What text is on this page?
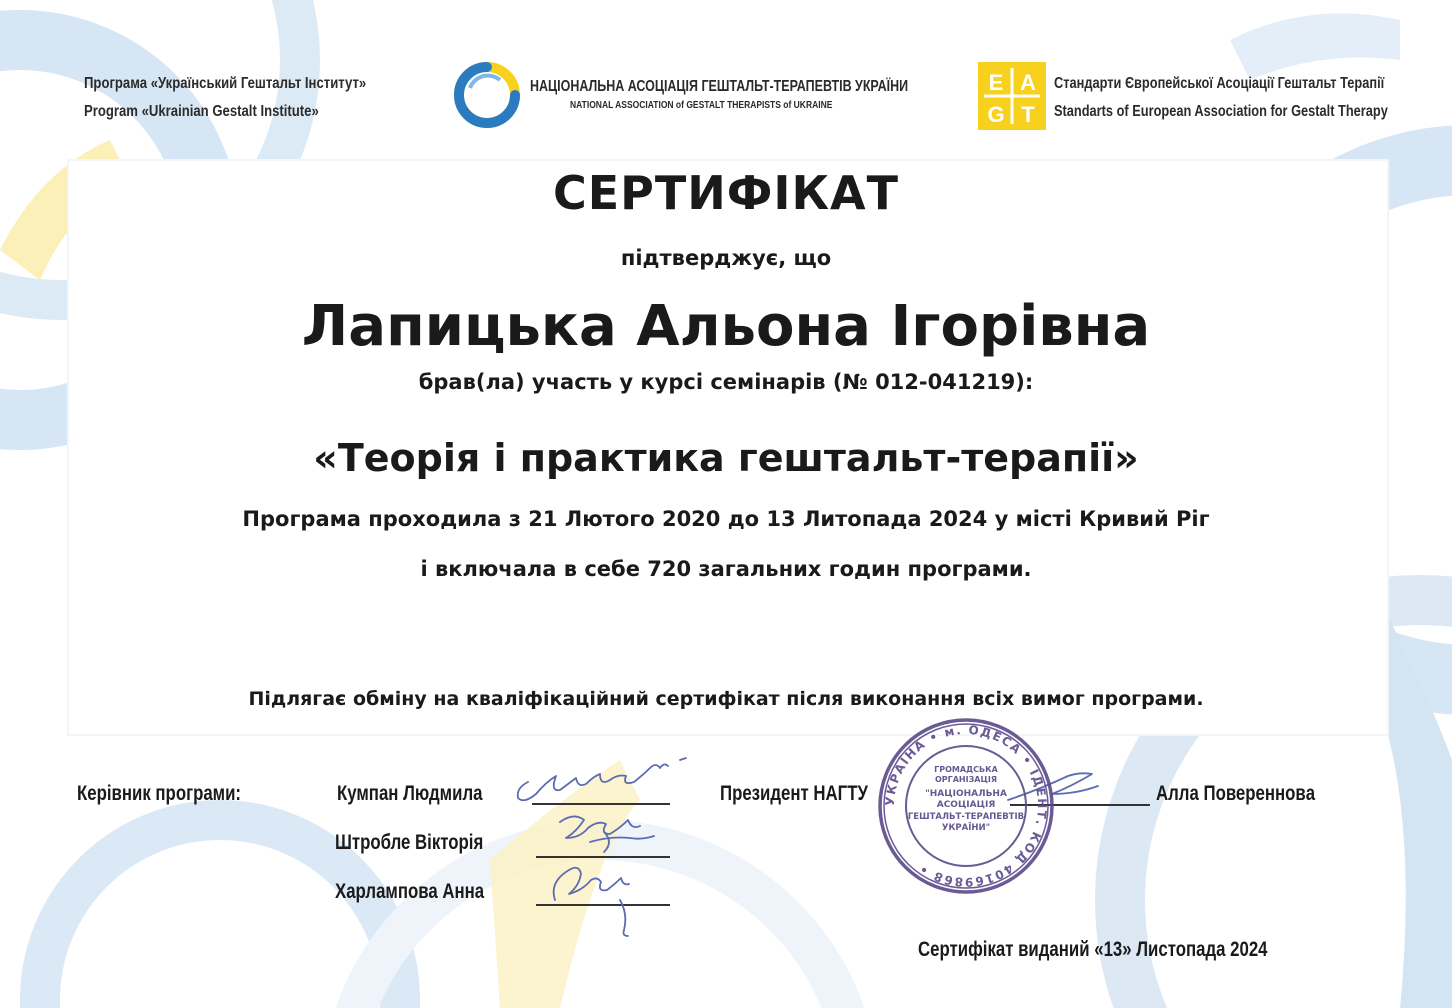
Програма «Український Гештальт Інститут»
Program «Ukrainian Gestalt Institute»
НАЦІОНАЛЬНА АСОЦІАЦІЯ ГЕШТАЛЬТ-ТЕРАПЕВТІВ УКРАЇНИ
NATIONAL ASSOCIATION of GESTALT THERAPISTS of UKRAINE
E A
G T
Стандарти Європейської Асоціації Гештальт Терапії
Standarts of European Association for Gestalt Therapy
СЕРТИФІКАТ
підтверджує, що
Лапицька Альона Ігорівна
брав(ла) участь у курсі семінарів (№ 012-041219):
«Теорія і практика гештальт-терапії»
Програма проходила з 21 Лютого 2020 до 13 Литопада 2024 у місті Кривий Ріг
і включала в себе 720 загальних годин програми.
Підлягає обміну на кваліфікаційний сертифікат після виконання всіх вимог програми.
Керівник програми:	Кумпан Людмила
Штробле Вікторія
Харлампова Анна
Президент НАГТУ	Алла Поверенновa
УКРАЇНА • м. ОДЕСА • ІДЕНТ. КОД 40169868 •
ГРОМАДСЬКА
ОРГАНІЗАЦІЯ
"НАЦІОНАЛЬНА
АСОЦІАЦІЯ
ГЕШТАЛЬТ-ТЕРАПЕВТІВ
УКРАЇНИ"
Сертифікат виданий «13» Листопада 2024
